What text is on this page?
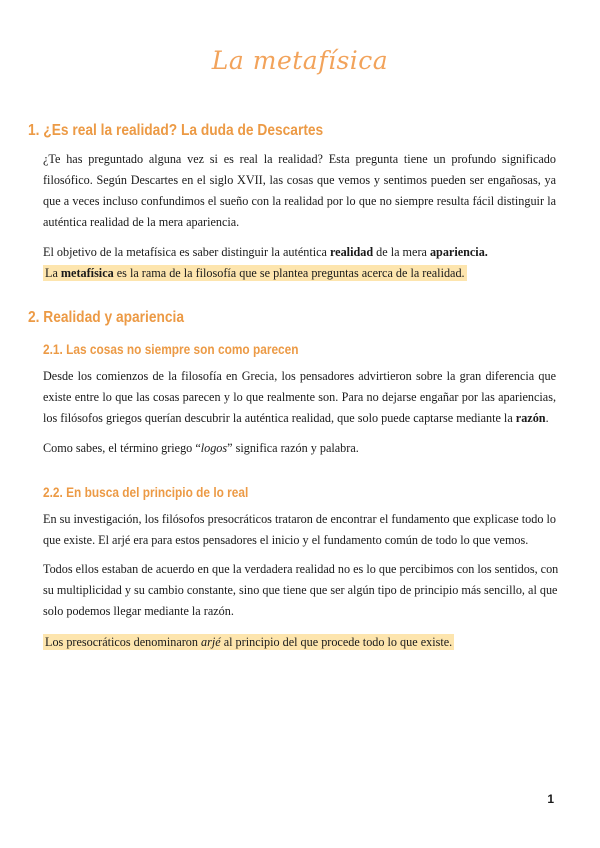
La metafísica
1. ¿Es real la realidad? La duda de Descartes
¿Te has preguntado alguna vez si es real la realidad? Esta pregunta tiene un profundo significado
filosófico. Según Descartes en el siglo XVII, las cosas que vemos y sentimos pueden ser engañosas, ya
que a veces incluso confundimos el sueño con la realidad por lo que no siempre resulta fácil distinguir la
auténtica realidad de la mera apariencia.
El objetivo de la metafísica es saber distinguir la auténtica realidad de la mera apariencia.
La metafísica es la rama de la filosofía que se plantea preguntas acerca de la realidad.
2. Realidad y apariencia
2.1. Las cosas no siempre son como parecen
Desde los comienzos de la filosofía en Grecia, los pensadores advirtieron sobre la gran diferencia que
existe entre lo que las cosas parecen y lo que realmente son. Para no dejarse engañar por las apariencias,
los filósofos griegos querían descubrir la auténtica realidad, que solo puede captarse mediante la razón.
Como sabes, el término griego “logos” significa razón y palabra.
2.2. En busca del principio de lo real
En su investigación, los filósofos presocráticos trataron de encontrar el fundamento que explicase todo lo
que existe. El arjé era para estos pensadores el inicio y el fundamento común de todo lo que vemos.
Todos ellos estaban de acuerdo en que la verdadera realidad no es lo que percibimos con los sentidos, con
su multiplicidad y su cambio constante, sino que tiene que ser algún tipo de principio más sencillo, al que
solo podemos llegar mediante la razón.
Los presocráticos denominaron arjé al principio del que procede todo lo que existe.
1
